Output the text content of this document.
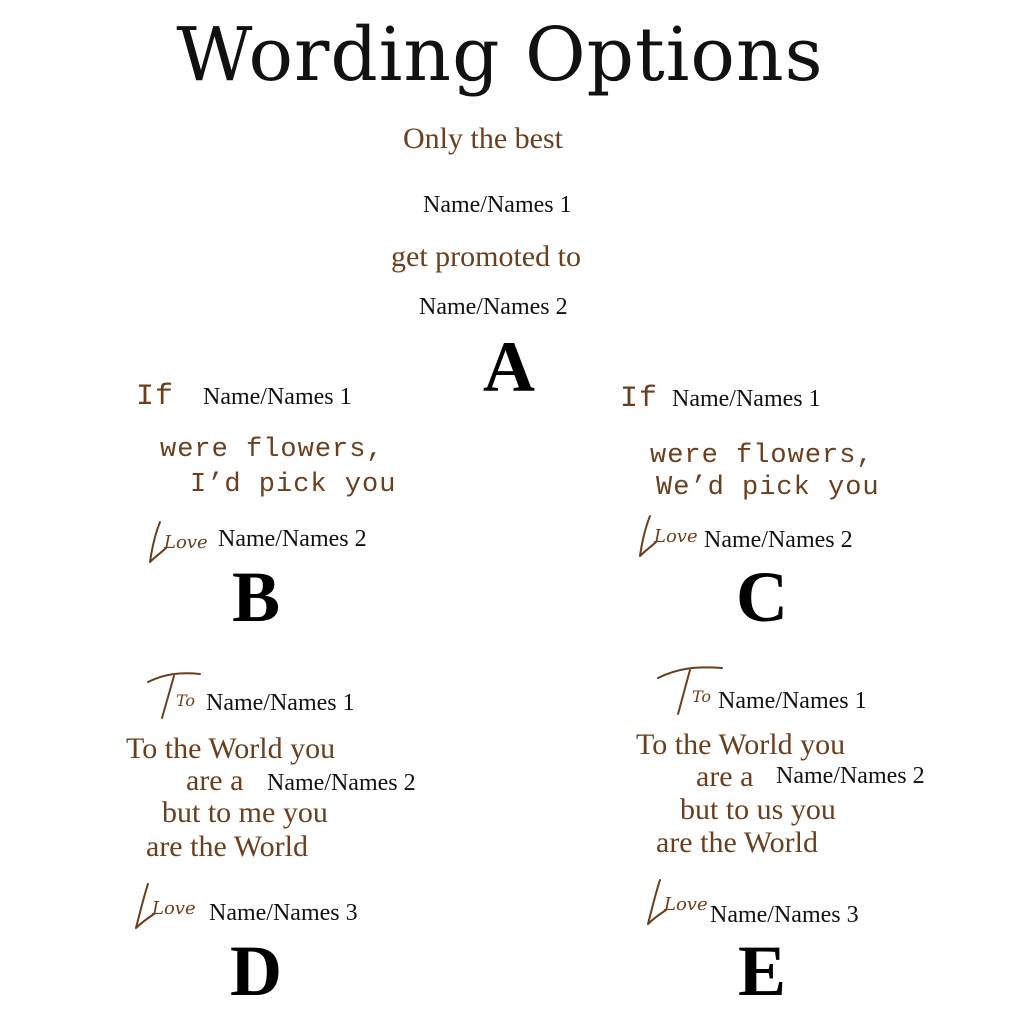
Wording Options
Only the best
Name/Names 1
get promoted to
Name/Names 2
A
If Name/Names 1
were flowers,
I’d pick you
Love Name/Names 2
B
If Name/Names 1
were flowers,
We’d pick you
Love Name/Names 2
C
To Name/Names 1
To the World you
are a Name/Names 2
but to me you
are the World
Love Name/Names 3
D
To Name/Names 1
To the World you
are a Name/Names 2
but to us you
are the World
Love Name/Names 3
E
